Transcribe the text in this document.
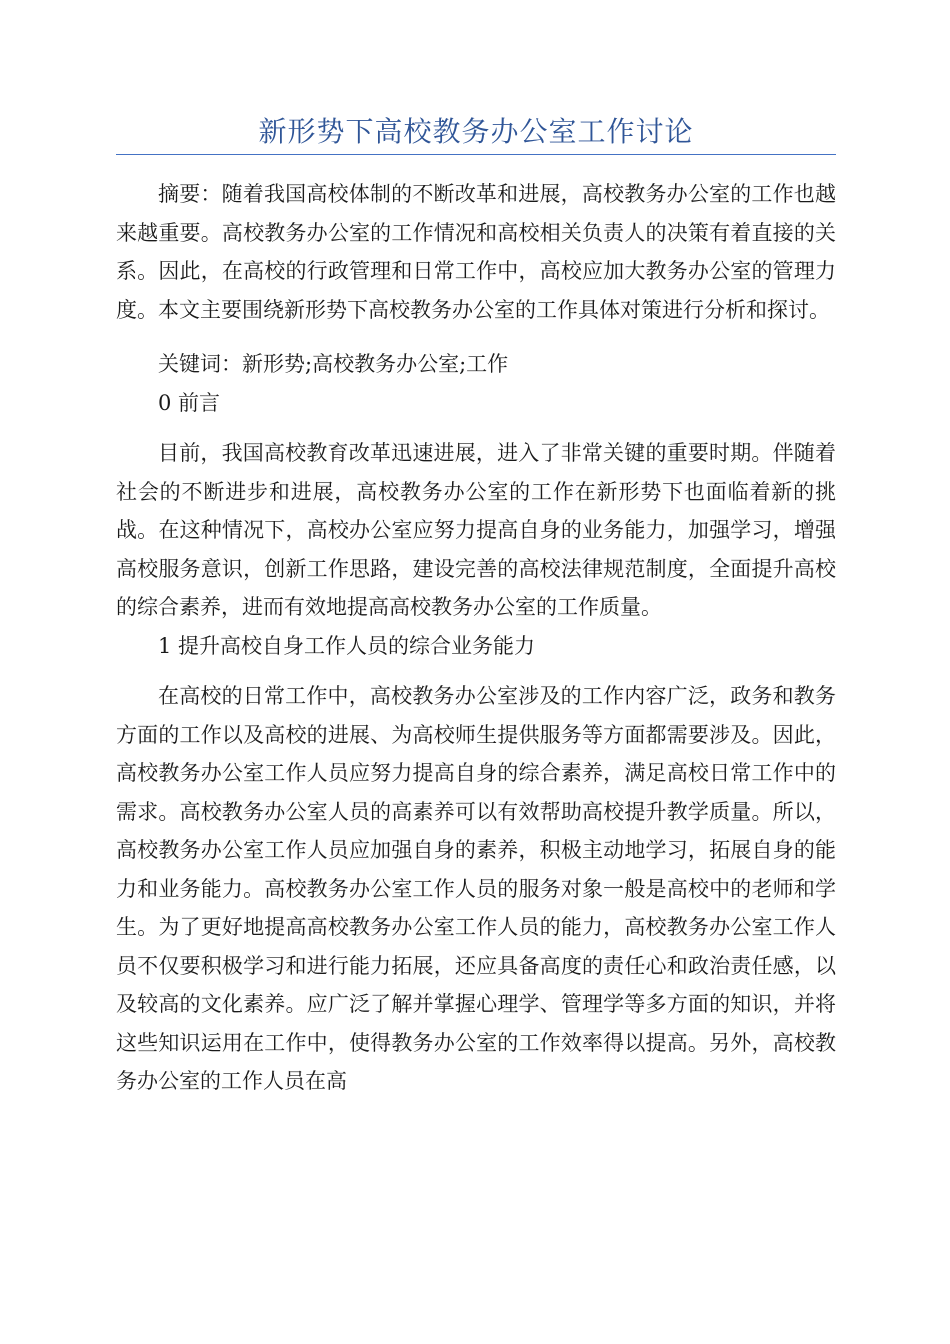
新形势下高校教务办公室工作讨论

摘要：随着我国高校体制的不断改革和进展，高校教务办公室的工作也越来越重要。高校教务办公室的工作情况和高校相关负责人的决策有着直接的关系。因此，在高校的行政管理和日常工作中，高校应加大教务办公室的管理力度。本文主要围绕新形势下高校教务办公室的工作具体对策进行分析和探讨。

关键词：新形势;高校教务办公室;工作

0 前言

目前，我国高校教育改革迅速进展，进入了非常关键的重要时期。伴随着社会的不断进步和进展，高校教务办公室的工作在新形势下也面临着新的挑战。在这种情况下，高校办公室应努力提高自身的业务能力，加强学习，增强高校服务意识，创新工作思路，建设完善的高校法律规范制度，全面提升高校的综合素养，进而有效地提高高校教务办公室的工作质量。

1 提升高校自身工作人员的综合业务能力

在高校的日常工作中，高校教务办公室涉及的工作内容广泛，政务和教务方面的工作以及高校的进展、为高校师生提供服务等方面都需要涉及。因此，高校教务办公室工作人员应努力提高自身的综合素养，满足高校日常工作中的需求。高校教务办公室人员的高素养可以有效帮助高校提升教学质量。所以，高校教务办公室工作人员应加强自身的素养，积极主动地学习，拓展自身的能力和业务能力。高校教务办公室工作人员的服务对象一般是高校中的老师和学生。为了更好地提高高校教务办公室工作人员的能力，高校教务办公室工作人员不仅要积极学习和进行能力拓展，还应具备高度的责任心和政治责任感，以及较高的文化素养。应广泛了解并掌握心理学、管理学等多方面的知识，并将这些知识运用在工作中，使得教务办公室的工作效率得以提高。另外，高校教务办公室的工作人员在高
